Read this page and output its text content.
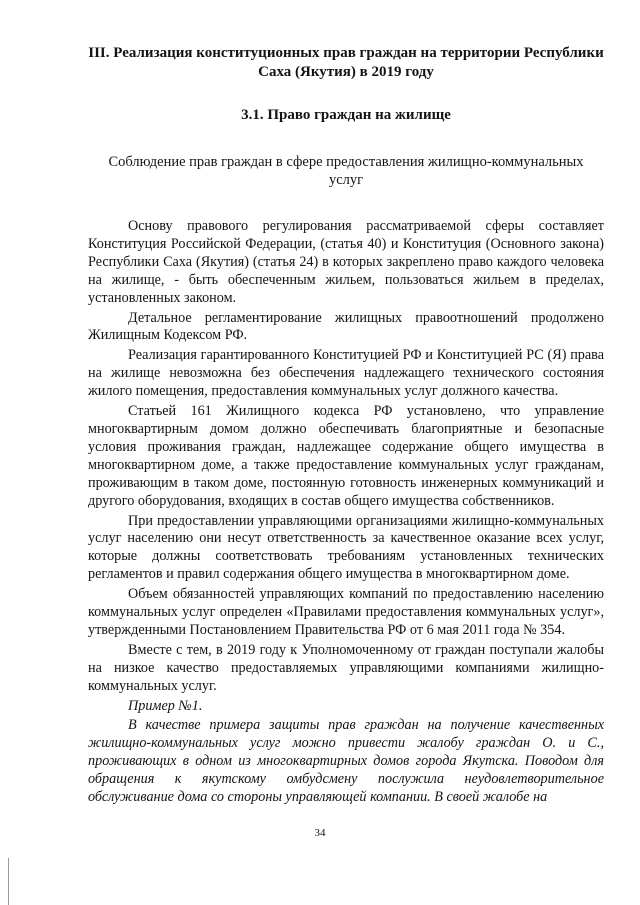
III. Реализация конституционных прав граждан на территории Республики Саха (Якутия) в 2019 году
3.1. Право граждан на жилище

Соблюдение прав граждан в сфере предоставления жилищно-коммунальных услуг

Основу правового регулирования рассматриваемой сферы составляет Конституция Российской Федерации, (статья 40) и Конституция (Основного закона) Республики Саха (Якутия) (статья 24) в которых закреплено право каждого человека на жилище, - быть обеспеченным жильем, пользоваться жильем в пределах, установленных законом.

Детальное регламентирование жилищных правоотношений продолжено Жилищным Кодексом РФ.

Реализация гарантированного Конституцией РФ и Конституцией РС (Я) права на жилище невозможна без обеспечения надлежащего технического состояния жилого помещения, предоставления коммунальных услуг должного качества.

Статьей 161 Жилищного кодекса РФ установлено, что управление многоквартирным домом должно обеспечивать благоприятные и безопасные условия проживания граждан, надлежащее содержание общего имущества в многоквартирном доме, а также предоставление коммунальных услуг гражданам, проживающим в таком доме, постоянную готовность инженерных коммуникаций и другого оборудования, входящих в состав общего имущества собственников.

При предоставлении управляющими организациями жилищно-коммунальных услуг населению они несут ответственность за качественное оказание всех услуг, которые должны соответствовать требованиям установленных технических регламентов и правил содержания общего имущества в многоквартирном доме.

Объем обязанностей управляющих компаний по предоставлению населению коммунальных услуг определен «Правилами предоставления коммунальных услуг», утвержденными Постановлением Правительства РФ от 6 мая 2011 года № 354.

Вместе с тем, в 2019 году к Уполномоченному от граждан поступали жалобы на низкое качество предоставляемых управляющими компаниями жилищно-коммунальных услуг.

Пример №1.

В качестве примера защиты прав граждан на получение качественных жилищно-коммунальных услуг можно привести жалобу граждан О. и С., проживающих в одном из многоквартирных домов города Якутска. Поводом для обращения к якутскому омбудсмену послужила неудовлетворительное обслуживание дома со стороны управляющей компании. В своей жалобе на

34
